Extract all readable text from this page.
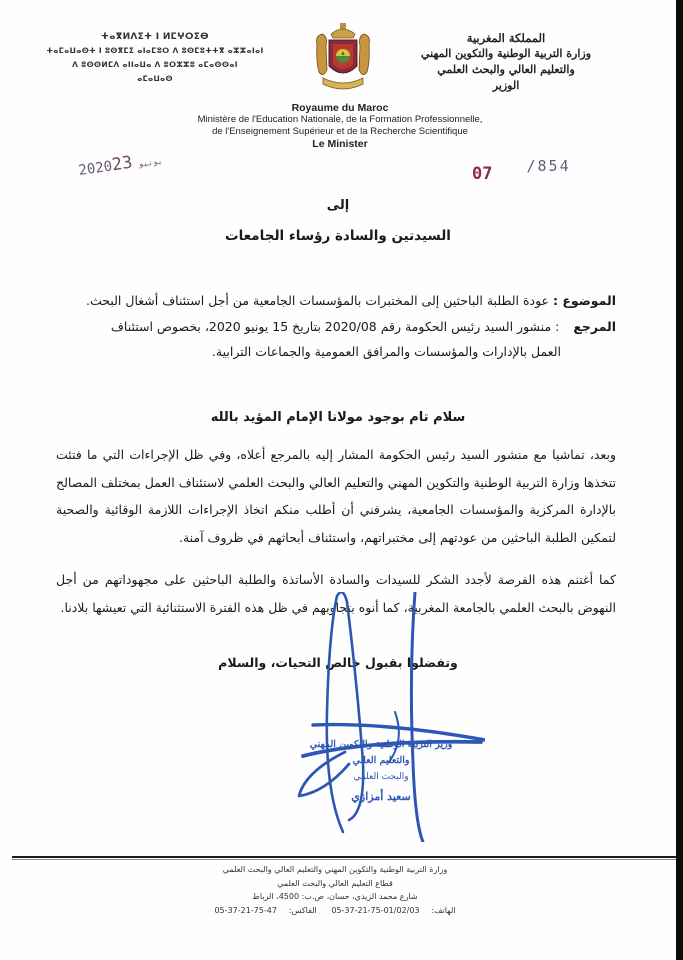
المملكة المغربية
وزارة التربية الوطنية والتكوين المهني
والتعليم العالي والبحث العلمي
الوزير
ⵜⴰⴳⵍⴷⵉⵜ ⵏ ⵍⵎⵖⵔⵉⴱ
ⵜⴰⵎⴰⵡⴰⵙⵜ ⵏ ⵓⵙⴳⵎⵉ ⴰⵏⴰⵎⵓⵔ ⴷ ⵓⵙⵎⵓⵜⵜⴳ ⴰⵣⵣⴰⵏⴰⵏ
ⴷ ⵓⵙⵙⵍⵎⴷ ⴰⵏⵏⴰⵡⴰ ⴷ ⵓⵔⵣⵣⵓ ⴰⵎⴰⵙⵙⴰⵏ
ⴰⵎⴰⵡⴰⵙ
Royaume du Maroc
Ministère de l'Education Nationale, de la Formation Professionnelle,
de l'Enseignement Supérieur et de la Recherche Scientifique
Le Minister
2020	يونيو23	07 /854
إلى
السيدتين والسادة رؤساء الجامعات
الموضوع : عودة الطلبة الباحثين إلى المختبرات بالمؤسسات الجامعية من أجل استئناف أشغال البحث.
المرجع : منشور السيد رئيس الحكومة رقم 2020/08 بتاريخ 15 يونيو 2020، بخصوص استئناف
العمل بالإدارات والمؤسسات والمرافق العمومية والجماعات الترابية.
سلام تام بوجود مولانا الإمام المؤيد بالله
وبعد، تماشيا مع منشور السيد رئيس الحكومة المشار إليه بالمرجع أعلاه، وفي ظل الإجراءات التي ما فتئت تتخذها وزارة التربية الوطنية والتكوين المهني والتعليم العالي والبحث العلمي لاستئناف العمل بمختلف المصالح بالإدارة المركزية والمؤسسات الجامعية، يشرفني أن أطلب منكم اتخاذ الإجراءات اللازمة الوقائية والصحية لتمكين الطلبة الباحثين من عودتهم إلى مختبراتهم، واستئناف أبحاثهم في ظروف آمنة.
كما أغتنم هذه الفرصة لأجدد الشكر للسيدات والسادة الأساتذة والطلبة الباحثين على مجهوداتهم من أجل النهوض بالبحث العلمي بالجامعة المغربية، كما أنوه بتجاوبهم في ظل هذه الفترة الاستثنائية التي تعيشها بلادنا.
وتفضلوا بقبول خالص التحيات، والسلام
وزير التربية الوطنية والتكوين المهني والتعليم العالي
والبحث العلمي
سعيد أمزازي
وزارة التربية الوطنية والتكوين المهني والتعليم العالي والبحث العلمي
قطاع التعليم العالي والبحث العلمي
شارع محمد الزيدي، حسان، ص.ب: 4500، الرباط
الهاتف:05-37-21-75-01/02/03 الفاكس:05-37-21-75-47
